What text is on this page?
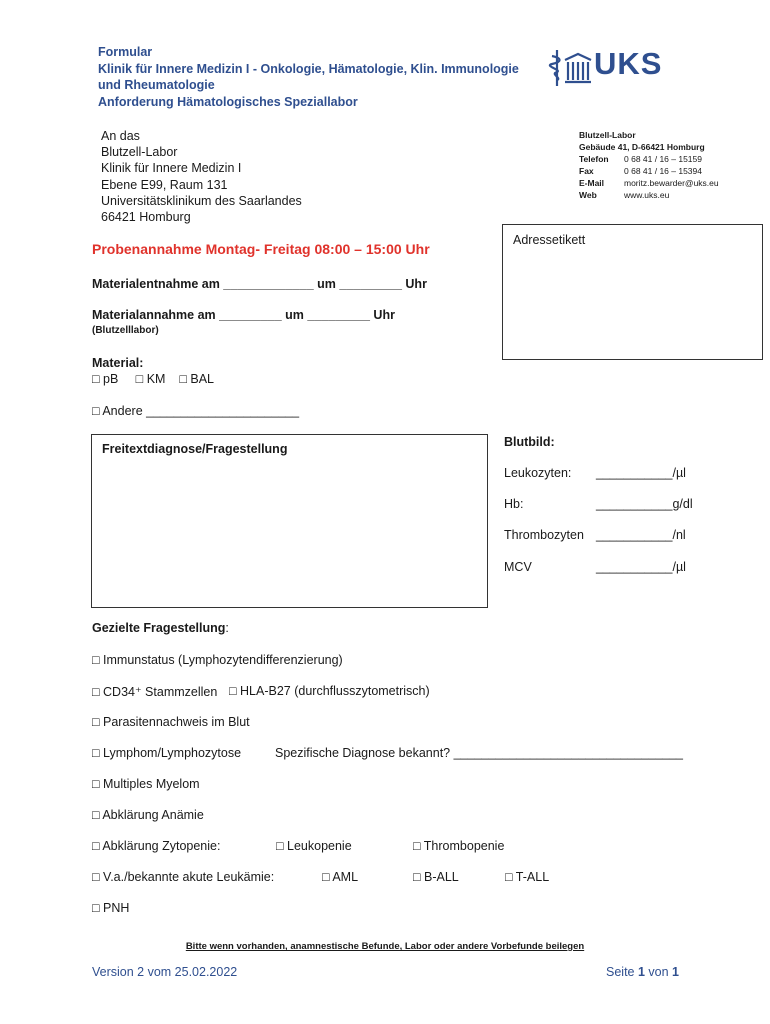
Formular
Klinik für Innere Medizin I - Onkologie, Hämatologie, Klin. Immunologie
und Rheumatologie
Anforderung Hämatologisches Speziallabor
UKS
An das
Blutzell-Labor
Klinik für Innere Medizin I
Ebene E99, Raum 131
Universitätsklinikum des Saarlandes
66421 Homburg
Blutzell-Labor
Gebäude 41, D-66421 Homburg
Telefon	0 68 41 / 16 – 15159
Fax	0 68 41 / 16 – 15394
E-Mail	moritz.bewarder@uks.eu
Web	www.uks.eu
Adressetikett
Probenannahme Montag- Freitag 08:00 – 15:00 Uhr
Materialentnahme am _____________ um _________ Uhr
Materialannahme am _________ um _________ Uhr
(Blutzelllabor)
Material:
□ pB     □ KM    □ BAL
□ Andere ______________________
Freitextdiagnose/Fragestellung	Blutbild:
Leukozyten: ___________/µl
Hb:	___________g/dl
Thrombozyten ___________/nl
MCV	___________/µl
Gezielte Fragestellung:
□ Immunstatus (Lymphozytendifferenzierung)
□ CD34⁺ Stammzellen □ HLA-B27 (durchflusszytometrisch)
□ Parasitennachweis im Blut
□ Lymphom/Lymphozytose	Spezifische Diagnose bekannt? _________________________________
□ Multiples Myelom
□ Abklärung Anämie
□ Abklärung Zytopenie:	□ Leukopenie	□ Thrombopenie
□ V.a./bekannte akute Leukämie:	□ AML	□ B-ALL	□ T-ALL
□ PNH
Bitte wenn vorhanden, anamnestische Befunde, Labor oder andere Vorbefunde beilegen
Version 2 vom 25.02.2022	Seite 1 von 1
